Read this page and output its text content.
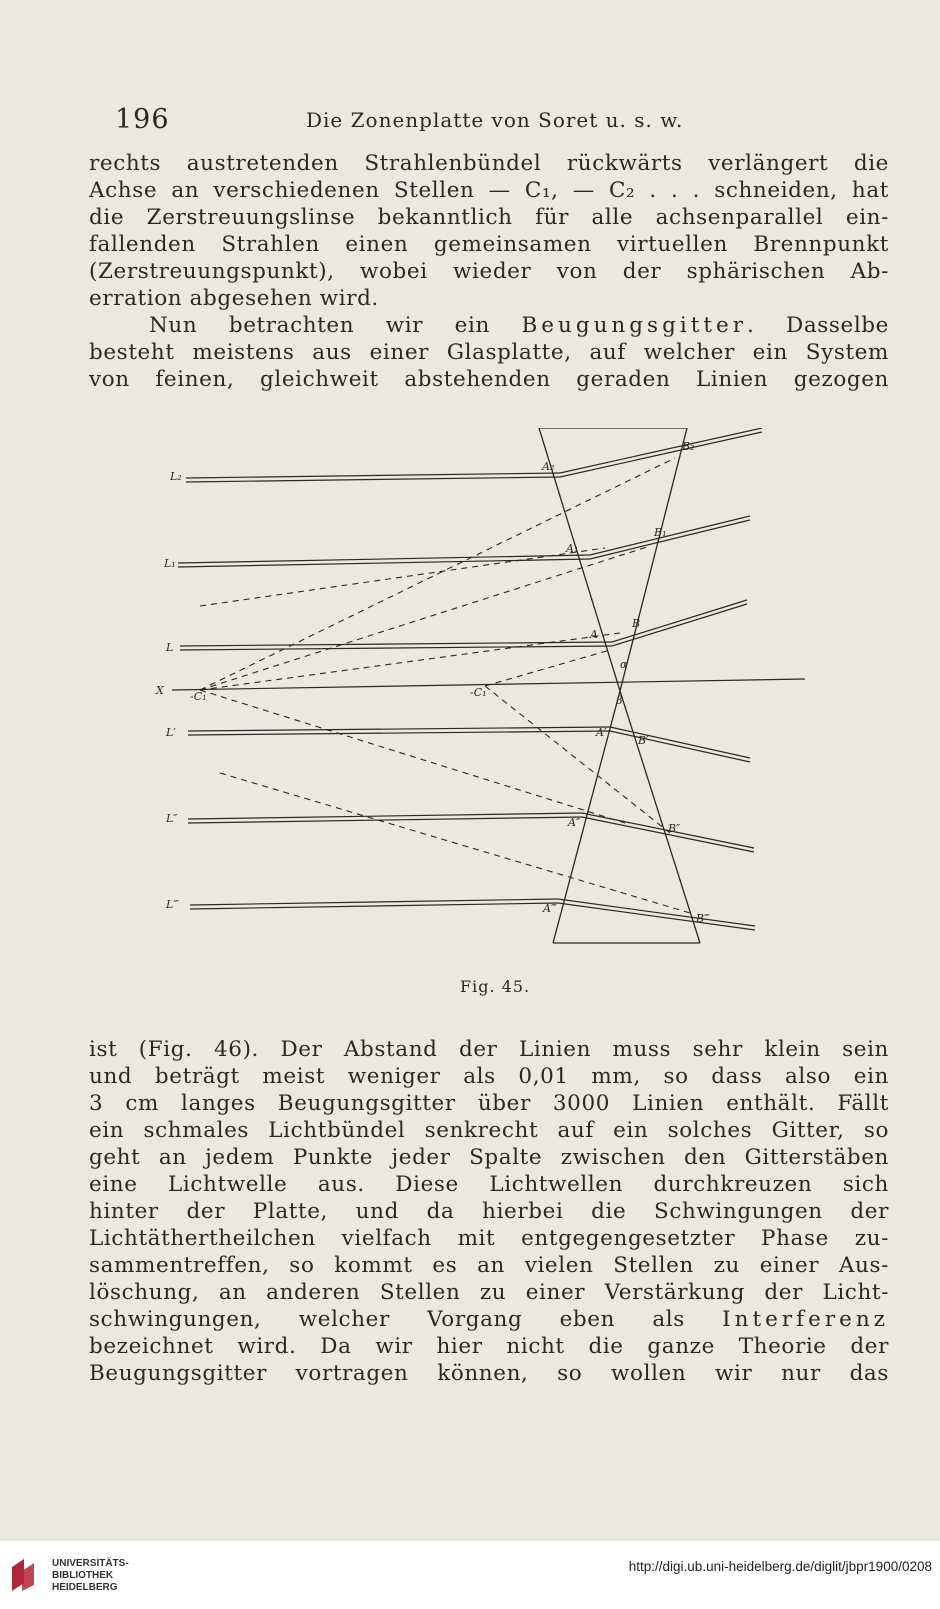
196	Die Zonenplatte von Soret u. s. w.
rechts austretenden Strahlenbündel rückwärts verlängert die
Achse an verschiedenen Stellen — C₁, — C₂ . . . schneiden, hat
die Zerstreuungslinse bekanntlich für alle achsenparallel ein-
fallenden Strahlen einen gemeinsamen virtuellen Brennpunkt
(Zerstreuungspunkt), wobei wieder von der sphärischen Ab-
erration abgesehen wird.
Nun betrachten wir ein Beugungsgitter. Dasselbe
besteht meistens aus einer Glasplatte, auf welcher ein System
von feinen, gleichweit abstehenden geraden Linien gezogen
L₂
L₁
L
X
L′
L″
L‴
-C₁	-C₁
A₂
A₁
A
A′
A″
A‴
B₂
B₁
B
B′
B″
B‴
α
β
Fig. 45.
ist (Fig. 46). Der Abstand der Linien muss sehr klein sein
und beträgt meist weniger als 0,01 mm, so dass also ein
3 cm langes Beugungsgitter über 3000 Linien enthält. Fällt
ein schmales Lichtbündel senkrecht auf ein solches Gitter, so
geht an jedem Punkte jeder Spalte zwischen den Gitterstäben
eine Lichtwelle aus. Diese Lichtwellen durchkreuzen sich
hinter der Platte, und da hierbei die Schwingungen der
Lichtäthertheilchen vielfach mit entgegengesetzter Phase zu-
sammentreffen, so kommt es an vielen Stellen zu einer Aus-
löschung, an anderen Stellen zu einer Verstärkung der Licht-
schwingungen, welcher Vorgang eben als Interferenz
bezeichnet wird. Da wir hier nicht die ganze Theorie der
Beugungsgitter vortragen können, so wollen wir nur das
UNIVERSITÄTS-
BIBLIOTHEK
HEIDELBERG
http://digi.ub.uni-heidelberg.de/diglit/jbpr1900/0208
